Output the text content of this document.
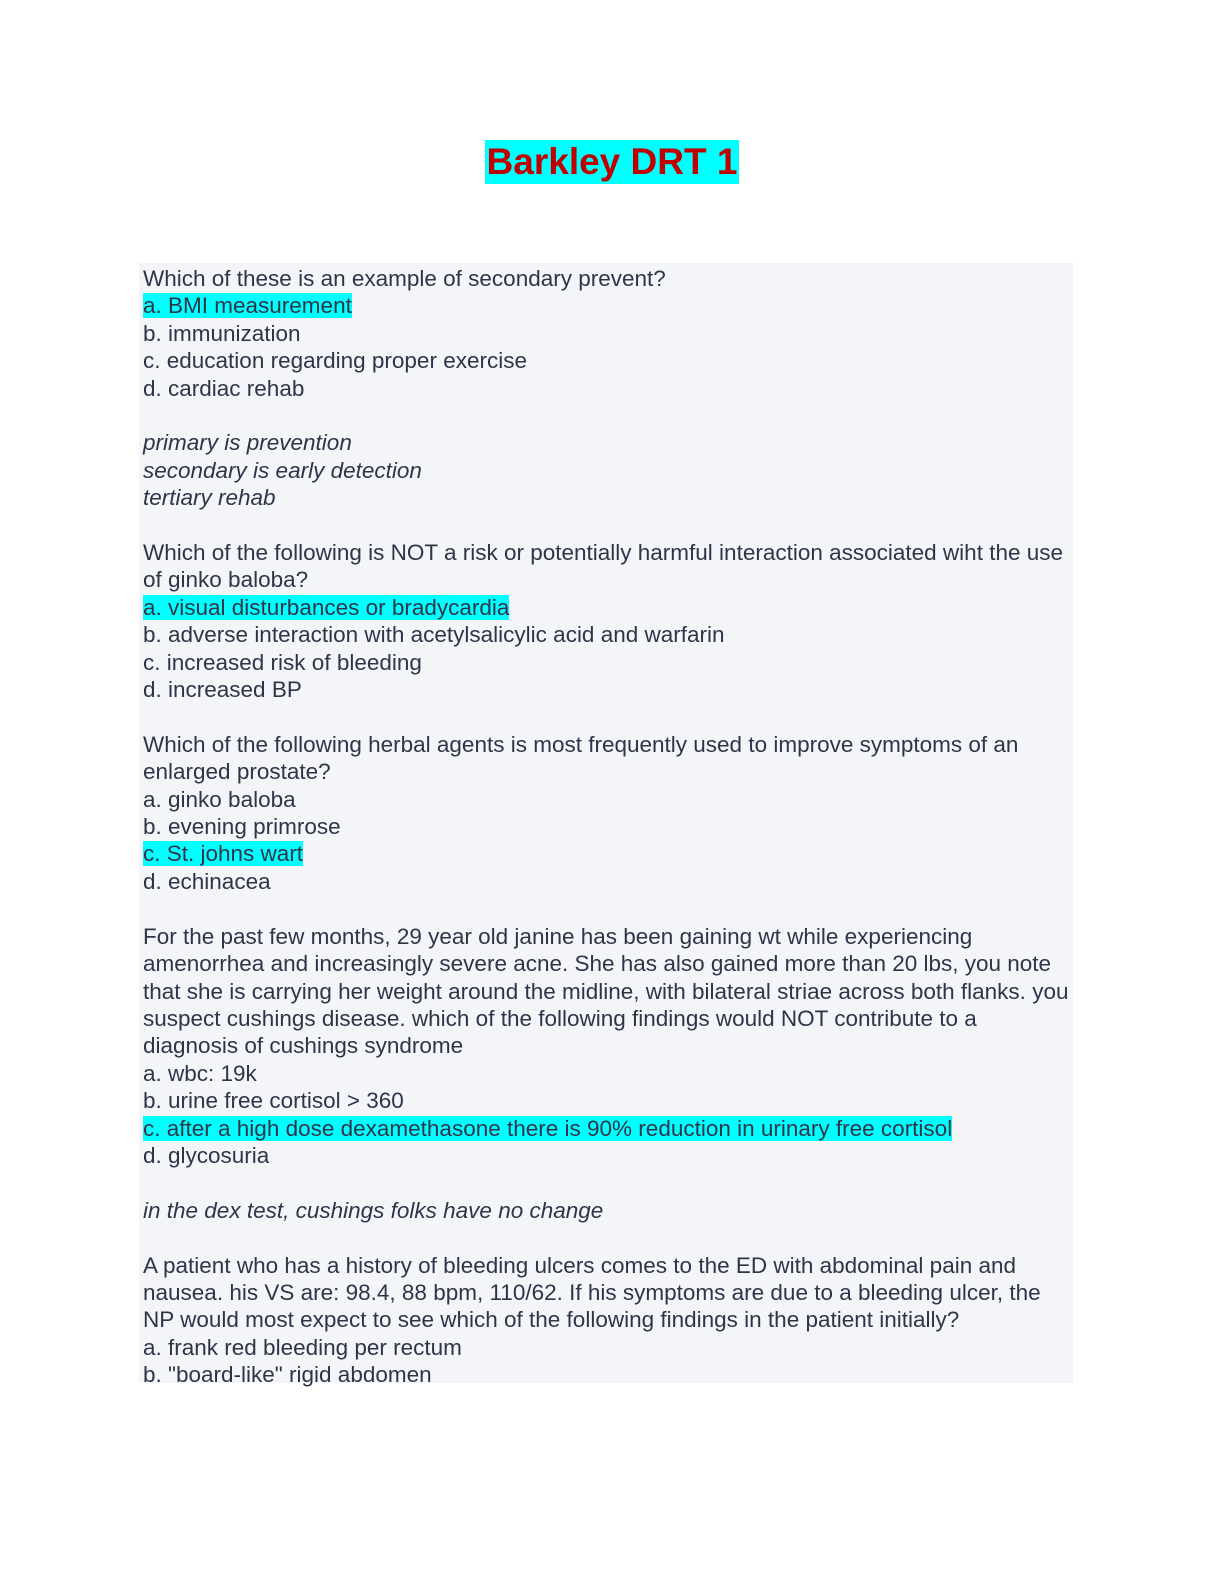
Barkley DRT 1
Which of these is an example of secondary prevent?
a. BMI measurement
b. immunization
c. education regarding proper exercise
d. cardiac rehab
primary is prevention
secondary is early detection
tertiary rehab
Which of the following is NOT a risk or potentially harmful interaction associated wiht the use of ginko baloba?
a. visual disturbances or bradycardia
b. adverse interaction with acetylsalicylic acid and warfarin
c. increased risk of bleeding
d. increased BP
Which of the following herbal agents is most frequently used to improve symptoms of an enlarged prostate?
a. ginko baloba
b. evening primrose
c. St. johns wart
d. echinacea
For the past few months, 29 year old janine has been gaining wt while experiencing amenorrhea and increasingly severe acne. She has also gained more than 20 lbs, you note that she is carrying her weight around the midline, with bilateral striae across both flanks. you suspect cushings disease. which of the following findings would NOT contribute to a diagnosis of cushings syndrome
a. wbc: 19k
b. urine free cortisol > 360
c. after a high dose dexamethasone there is 90% reduction in urinary free cortisol
d. glycosuria
in the dex test, cushings folks have no change
A patient who has a history of bleeding ulcers comes to the ED with abdominal pain and nausea. his VS are: 98.4, 88 bpm, 110/62. If his symptoms are due to a bleeding ulcer, the NP would most expect to see which of the following findings in the patient initially?
a. frank red bleeding per rectum
b. "board-like" rigid abdomen
